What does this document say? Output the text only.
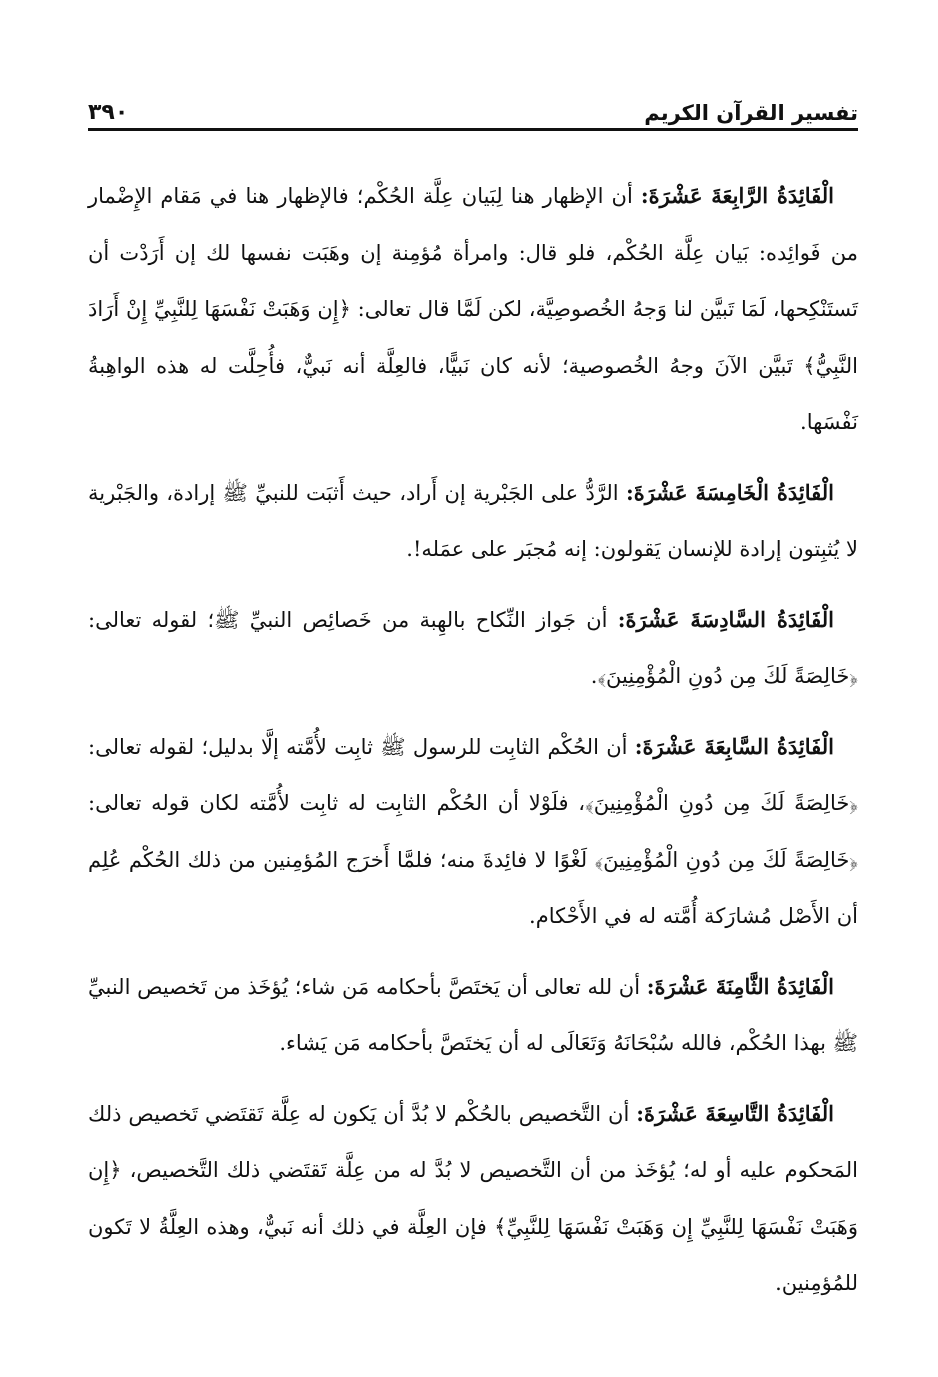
تفسير القرآن الكريم
٣٩٠

الْفَائِدَةُ الرَّابِعَةَ عَشْرَةَ: أن الإظهار هنا لِبَيان عِلَّة الحُكْم؛ فالإظهار هنا في مَقام الإِضْمار من فَوائِده: بَيان عِلَّة الحُكْم، فلو قال: وامرأة مُؤمِنة إن وهَبَت نفسها لك إن أَرَدْت أن تَستَنْكِحها، لَمَا تَبيَّن لنا وَجهُ الخُصوصِيَّة، لكن لَمَّا قال تعالى: ﴿إِن وَهَبَتْ نَفْسَهَا لِلنَّبِيِّ إِنْ أَرَادَ النَّبِيُّ﴾ تَبيَّن الآنَ وجهُ الخُصوصية؛ لأنه كان نَبيًّا، فالعِلَّة أنه نَبيٌّ، فأُحِلَّت له هذه الواهِبةُ نَفْسَها.

الْفَائِدَةُ الْخَامِسَةَ عَشْرَةَ: الرَّدُّ على الجَبْرية إن أَراد، حيث أَثبَت للنبيِّ ﷺ إرادة، والجَبْرية لا يُثبِتون إرادة للإنسان يَقولون: إنه مُجبَر على عمَله!.

الْفَائِدَةُ السَّادِسَةَ عَشْرَةَ: أن جَواز النِّكاح بالهِبة من خَصائِص النبيِّ ﷺ؛ لقوله تعالى: ﴿خَالِصَةً لَكَ مِن دُونِ الْمُؤْمِنِينَ﴾.

الْفَائِدَةُ السَّابِعَةَ عَشْرَةَ: أن الحُكْم الثابِت للرسول ﷺ ثابِت لأُمَّته إلَّا بدليل؛ لقوله تعالى: ﴿خَالِصَةً لَكَ مِن دُونِ الْمُؤْمِنِينَ﴾، فلَوْلا أن الحُكْم الثابِت له ثابِت لأُمَّته لكان قوله تعالى: ﴿خَالِصَةً لَكَ مِن دُونِ الْمُؤْمِنِينَ﴾ لَغْوًا لا فائِدةَ منه؛ فلمَّا أَخرَج المُؤمِنين من ذلك الحُكْم عُلِم أن الأَصْل مُشارَكة أُمَّته له في الأَحْكام.

الْفَائِدَةُ الثَّامِنَةَ عَشْرَةَ: أن لله تعالى أن يَختَصَّ بأحكامه مَن شاء؛ يُؤخَذ من تَخصيص النبيِّ ﷺ بهذا الحُكْم، فالله سُبْحَانَهُ وَتَعَالَى له أن يَختَصَّ بأحكامه مَن يَشاء.

الْفَائِدَةُ التَّاسِعَةَ عَشْرَةَ: أن التَّخصيص بالحُكْم لا بُدَّ أن يَكون له عِلَّة تَقتَضي تَخصيص ذلك المَحكوم عليه أو له؛ يُؤخَذ من أن التَّخصيص لا بُدَّ له من عِلَّة تَقتَضي ذلك التَّخصيص، ﴿إِن وَهَبَتْ نَفْسَهَا لِلنَّبِيِّ إِن وَهَبَتْ نَفْسَهَا لِلنَّبِيِّ﴾ فإن العِلَّة في ذلك أنه نَبيٌّ، وهذه العِلَّةُ لا تَكون للمُؤمِنين.
